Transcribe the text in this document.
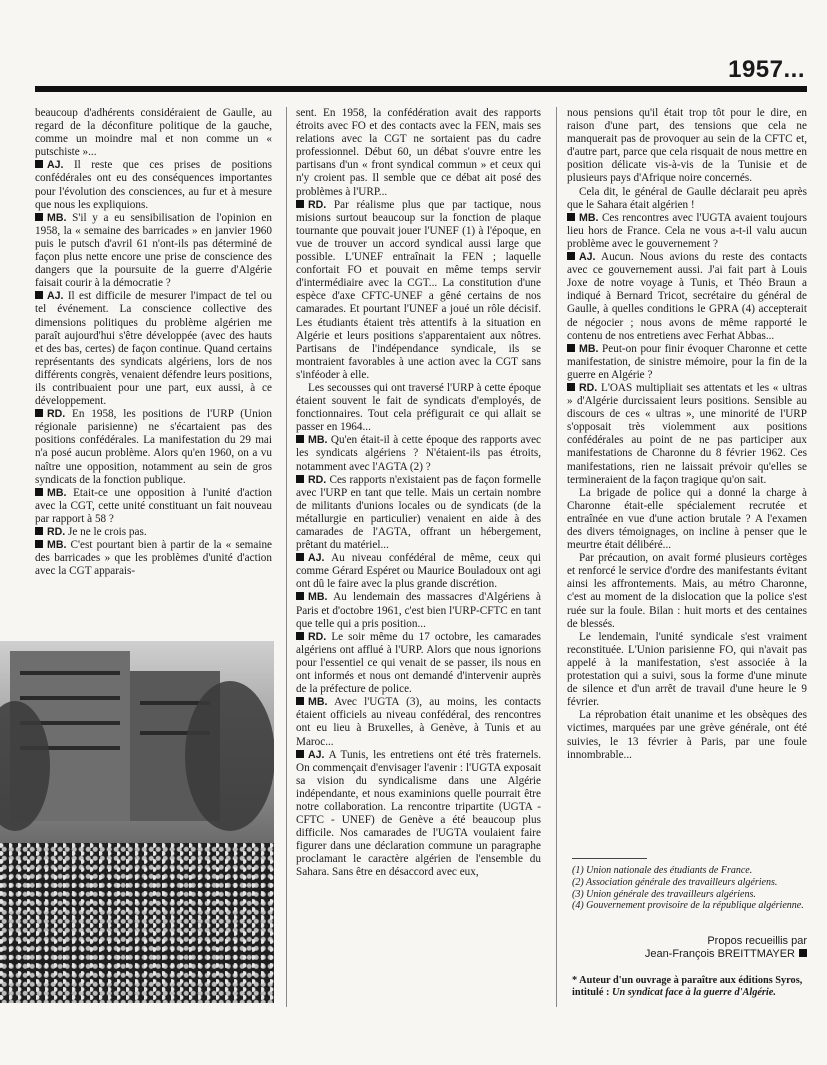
1957...

beaucoup d'adhérents considéraient de Gaulle, au regard de la déconfiture politique de la gauche, comme un moindre mal et non comme un « putschiste »...

AJ. Il reste que ces prises de positions confédérales ont eu des conséquences importantes pour l'évolution des consciences, au fur et à mesure que nous les expliquions.

MB. S'il y a eu sensibilisation de l'opinion en 1958, la « semaine des barricades » en janvier 1960 puis le putsch d'avril 61 n'ont-ils pas déterminé de façon plus nette encore une prise de conscience des dangers que la poursuite de la guerre d'Algérie faisait courir à la démocratie ?

AJ. Il est difficile de mesurer l'impact de tel ou tel événement. La conscience collective des dimensions politiques du problème algérien me paraît aujourd'hui s'être développée (avec des hauts et des bas, certes) de façon continue. Quand certains représentants des syndicats algériens, lors de nos différents congrès, venaient défendre leurs positions, ils contribuaient pour une part, eux aussi, à ce développement.

RD. En 1958, les positions de l'URP (Union régionale parisienne) ne s'écartaient pas des positions confédérales. La manifestation du 29 mai n'a posé aucun problème. Alors qu'en 1960, on a vu naître une opposition, notamment au sein de gros syndicats de la fonction publique.

MB. Etait-ce une opposition à l'unité d'action avec la CGT, cette unité constituant un fait nouveau par rapport à 58 ?

RD. Je ne le crois pas.

MB. C'est pourtant bien à partir de la « semaine des barricades » que les problèmes d'unité d'action avec la CGT apparais-

sent. En 1958, la confédération avait des rapports étroits avec FO et des contacts avec la FEN, mais ses relations avec la CGT ne sortaient pas du cadre professionnel. Début 60, un débat s'ouvre entre les partisans d'un « front syndical commun » et ceux qui n'y croient pas. Il semble que ce débat ait posé des problèmes à l'URP...

RD. Par réalisme plus que par tactique, nous misions surtout beaucoup sur la fonction de plaque tournante que pouvait jouer l'UNEF (1) à l'époque, en vue de trouver un accord syndical aussi large que possible. L'UNEF entraînait la FEN ; laquelle confortait FO et pouvait en même temps servir d'intermédiaire avec la CGT... La constitution d'une espèce d'axe CFTC-UNEF a gêné certains de nos camarades. Et pourtant l'UNEF a joué un rôle décisif. Les étudiants étaient très attentifs à la situation en Algérie et leurs positions s'apparentaient aux nôtres. Partisans de l'indépendance syndicale, ils se montraient favorables à une action avec la CGT sans s'inféoder à elle.

Les secousses qui ont traversé l'URP à cette époque étaient souvent le fait de syndicats d'employés, de fonctionnaires. Tout cela préfigurait ce qui allait se passer en 1964...

MB. Qu'en était-il à cette époque des rapports avec les syndicats algériens ? N'étaient-ils pas étroits, notamment avec l'AGTA (2) ?

RD. Ces rapports n'existaient pas de façon formelle avec l'URP en tant que telle. Mais un certain nombre de militants d'unions locales ou de syndicats (de la métallurgie en particulier) venaient en aide à des camarades de l'AGTA, offrant un hébergement, prêtant du matériel...

AJ. Au niveau confédéral de même, ceux qui comme Gérard Espéret ou Maurice Bouladoux ont agi ont dû le faire avec la plus grande discrétion.

MB. Au lendemain des massacres d'Algériens à Paris et d'octobre 1961, c'est bien l'URP-CFTC en tant que telle qui a pris position...

RD. Le soir même du 17 octobre, les camarades algériens ont afflué à l'URP. Alors que nous ignorions pour l'essentiel ce qui venait de se passer, ils nous en ont informés et nous ont demandé d'intervenir auprès de la préfecture de police.

MB. Avec l'UGTA (3), au moins, les contacts étaient officiels au niveau confédéral, des rencontres ont eu lieu à Bruxelles, à Genève, à Tunis et au Maroc...

AJ. A Tunis, les entretiens ont été très fraternels. On commençait d'envisager l'avenir : l'UGTA exposait sa vision du syndicalisme dans une Algérie indépendante, et nous examinions quelle pourrait être notre collaboration. La rencontre tripartite (UGTA - CFTC - UNEF) de Genève a été beaucoup plus difficile. Nos camarades de l'UGTA voulaient faire figurer dans une déclaration commune un paragraphe proclamant le caractère algérien de l'ensemble du Sahara. Sans être en désaccord avec eux,

nous pensions qu'il était trop tôt pour le dire, en raison d'une part, des tensions que cela ne manquerait pas de provoquer au sein de la CFTC et, d'autre part, parce que cela risquait de nous mettre en position délicate vis-à-vis de la Tunisie et de plusieurs pays d'Afrique noire concernés.

Cela dit, le général de Gaulle déclarait peu après que le Sahara était algérien !

MB. Ces rencontres avec l'UGTA avaient toujours lieu hors de France. Cela ne vous a-t-il valu aucun problème avec le gouvernement ?

AJ. Aucun. Nous avions du reste des contacts avec ce gouvernement aussi. J'ai fait part à Louis Joxe de notre voyage à Tunis, et Théo Braun a indiqué à Bernard Tricot, secrétaire du général de Gaulle, à quelles conditions le GPRA (4) accepterait de négocier ; nous avons de même rapporté le contenu de nos entretiens avec Ferhat Abbas...

MB. Peut-on pour finir évoquer Charonne et cette manifestation, de sinistre mémoire, pour la fin de la guerre en Algérie ?

RD. L'OAS multipliait ses attentats et les « ultras » d'Algérie durcissaient leurs positions. Sensible au discours de ces « ultras », une minorité de l'URP s'opposait très violemment aux positions confédérales au point de ne pas participer aux manifestations de Charonne du 8 février 1962. Ces manifestations, rien ne laissait prévoir qu'elles se termineraient de la façon tragique qu'on sait.

La brigade de police qui a donné la charge à Charonne était-elle spécialement recrutée et entraînée en vue d'une action brutale ? A l'examen des divers témoignages, on incline à penser que le meurtre était délibéré...

Par précaution, on avait formé plusieurs cortèges et renforcé le service d'ordre des manifestants évitant ainsi les affrontements. Mais, au métro Charonne, c'est au moment de la dislocation que la police s'est ruée sur la foule. Bilan : huit morts et des centaines de blessés.

Le lendemain, l'unité syndicale s'est vraiment reconstituée. L'Union parisienne FO, qui n'avait pas appelé à la manifestation, s'est associée à la protestation qui a suivi, sous la forme d'une minute de silence et d'un arrêt de travail d'une heure le 9 février.

La réprobation était unanime et les obsèques des victimes, marquées par une grève générale, ont été suivies, le 13 février à Paris, par une foule innombrable...

(1) Union nationale des étudiants de France.

(2) Association générale des travailleurs algériens.

(3) Union générale des travailleurs algériens.

(4) Gouvernement provisoire de la république algérienne.

Propos recueillis par
Jean-François BREITTMAYER
* Auteur d'un ouvrage à paraître aux éditions Syros, intitulé : Un syndicat face à la guerre d'Algérie.
